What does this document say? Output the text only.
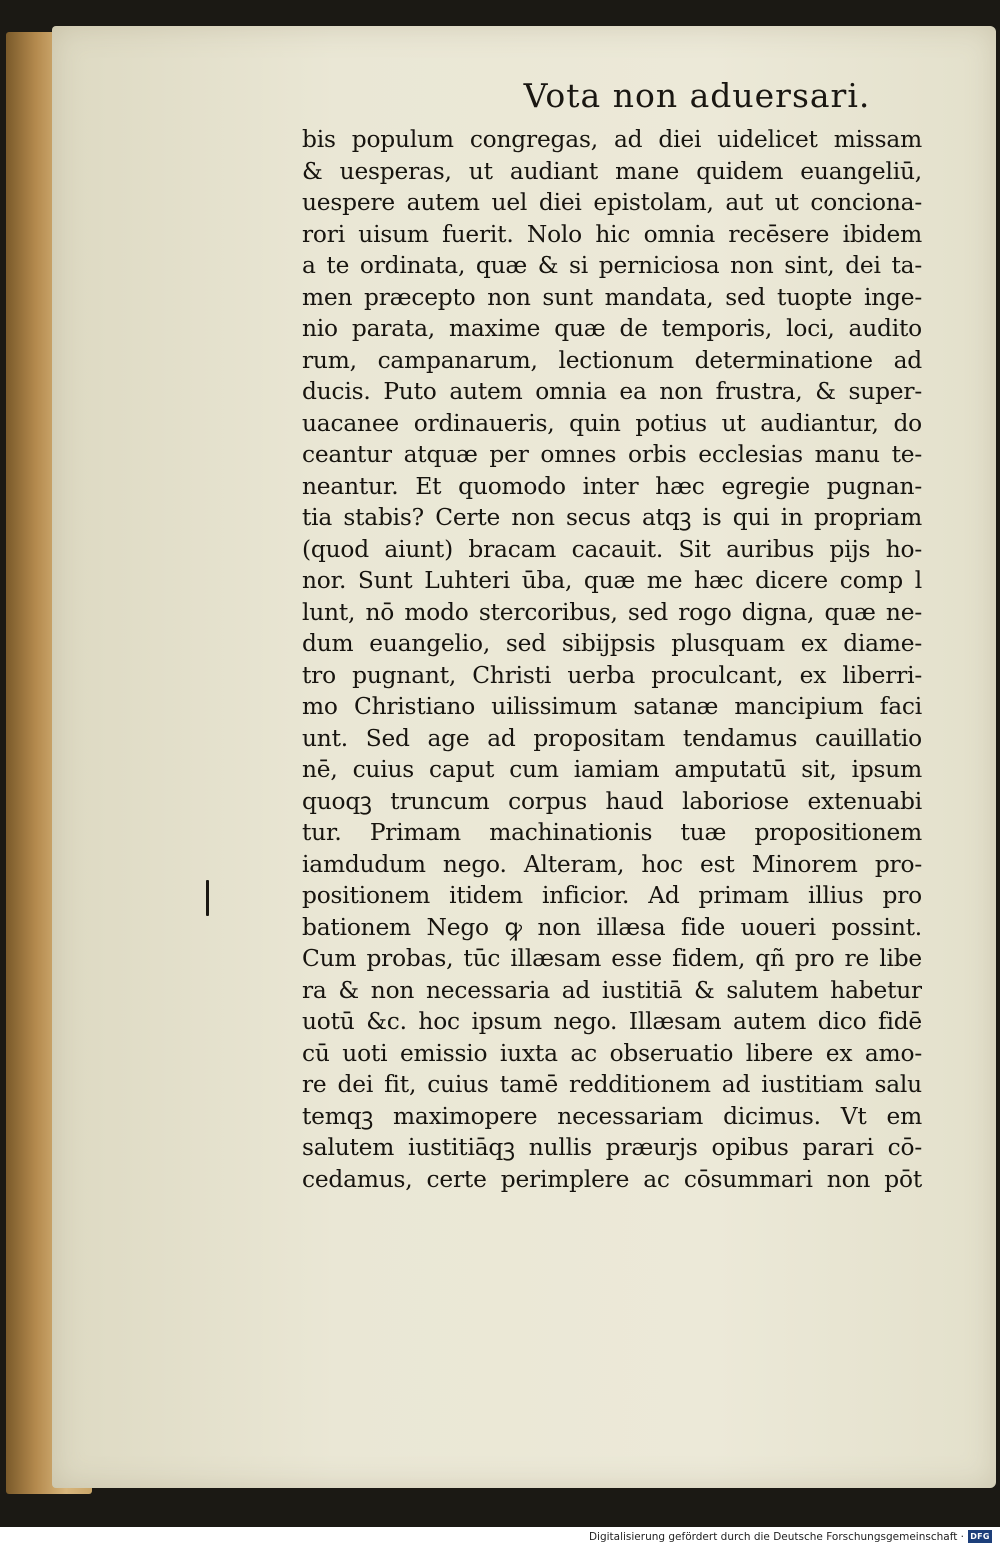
Vota non aduersari.
bis populum congregas, ad diei uidelicet missam
& uesperas, ut audiant mane quidem euangeliū,
uespere autem uel diei epistolam, aut ut conciona-
rori uisum fuerit. Nolo hic omnia recēsere ibidem
a te ordinata, quæ & si perniciosa non sint, dei ta-
men præcepto non sunt mandata, sed tuopte inge-
nio parata, maxime quæ de temporis, loci, audito
rum, campanarum, lectionum determinatione ad
ducis. Puto autem omnia ea non frustra, & super-
uacanee ordinaueris, quin potius ut audiantur, do
ceantur atquæ per omnes orbis ecclesias manu te-
neantur. Et quomodo inter hæc egregie pugnan-
tia stabis? Certe non secus atqꝫ is qui in propriam
(quod aiunt) bracam cacauit. Sit auribus pijs ho-
nor. Sunt Luhteri ūba, quæ me hæc dicere comp l
lunt, nō modo stercoribus, sed rogo digna, quæ ne-
dum euangelio, sed sibijpsis plusquam ex diame-
tro pugnant, Christi uerba proculcant, ex liberri-
mo Christiano uilissimum satanæ mancipium faci
unt. Sed age ad propositam tendamus cauillatio
nē, cuius caput cum iamiam amputatū sit, ipsum
quoqꝫ truncum corpus haud laboriose extenuabi
tur. Primam machinationis tuæ propositionem
iamdudum nego. Alteram, hoc est Minorem pro-
positionem itidem inficior. Ad primam illius pro
bationem Nego ꝙ non illæsa fide uoueri possint.
Cum probas, tūc illæsam esse fidem, qñ pro re libe
ra & non necessaria ad iustitiā & salutem habetur
uotū &c. hoc ipsum nego. Illæsam autem dico fidē
cū uoti emissio iuxta ac obseruatio libere ex amo-
re dei fit, cuius tamē redditionem ad iustitiam salu
temqꝫ maximopere necessariam dicimus. Vt em
salutem iustitiāqꝫ nullis præurjs opibus parari cō-
cedamus, certe perimplere ac cōsummari non pōt
Digitalisierung gefördert durch die Deutsche Forschungsgemeinschaft · DFG
